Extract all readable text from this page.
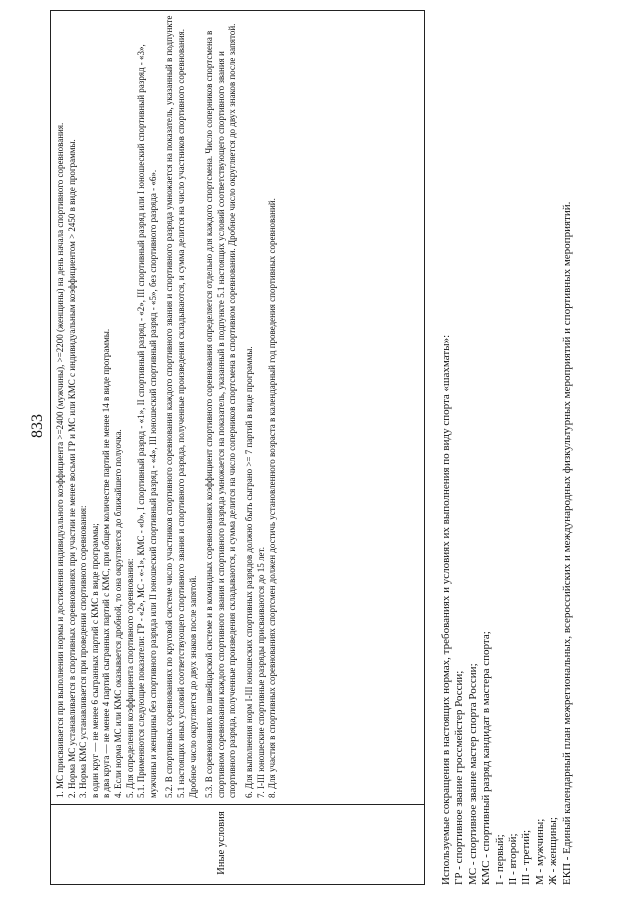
833
Иные условия
1. МС присваивается при выполнении нормы и достижения индивидуального коэффициента >=2400 (мужчины), >=2200 (женщины) на день начала спортивного соревнования. 2. Норма МС устанавливается в спортивных соревнованиях при участии не менее восьми ГР и МС или КМС с индивидуальным коэффициентом > 2450 в виде программы. 3. Норма КМС устанавливается при проведении спортивного соревнования: в один круг — не менее 6 сыгранных партий с КМС в виде программы; в два круга — не менее 4 партий сыгранных партий с КМС, при общем количестве партий не менее 14 в виде программы. 4. Если норма МС или КМС оказывается дробной, то она округляется до ближайшего полуочка. 5. Для определения коэффициента спортивного соревнования: 5.1. Применяются следующие показатели: ГР - «2», МС - «-1», КМС - «0», I спортивный разряд - «1», II спортивный разряд - «2», III спортивный разряд или I юношеский спортивный разряд - «3», мужчины и женщины без спортивного разряда или II юношеский спортивный разряд - «4», III юношеский спортивный разряд - «5», без спортивного разряда - «6». 5.2. В спортивных соревнованиях по круговой системе число участников спортивного соревнования каждого спортивного звания и спортивного разряда умножается на показатель, указанный в подпункте 5.1 настоящих иных условий соответствующего спортивного звания и спортивного разряда, полученные произведения складываются, и сумма делится на число участников спортивного соревнования. Дробное число округляется до двух знаков после запятой. 5.3. В соревнованиях по швейцарской системе и в командных соревнованиях коэффициент спортивного соревнования определяется отдельно для каждого спортсмена. Число соперников спортсмена в спортивном соревновании каждого спортивного звания и спортивного разряда умножается на показатель, указанный в подпункте 5.1 настоящих условий соответствующего спортивного звания и спортивного разряда, полученные произведения складываются, и сумма делится на число соперников спортсмена в спортивном соревновании. Дробное число округляется до двух знаков после запятой. 6. Для выполнения норм I-III юношеских спортивных разрядов должно быть сыграно >= 7 партий в виде программы. 7. I-III юношеские спортивные разряды присваиваются до 15 лет. 8. Для участия в спортивных соревнованиях спортсмен должен достичь установленного возраста в календарный год проведения спортивных соревнований.	Используемые сокращения в настоящих нормах, требованиях и условиях их выполнения по виду спорта «шахматы»: ГР - спортивное звание гроссмейстер России; МС - спортивное звание мастер спорта России; КМС - спортивный разряд кандидат в мастера спорта; I - первый; II - второй; III - третий; М - мужчины; Ж - женщины; ЕКП - Единый календарный план межрегиональных, всероссийских и международных физкультурных мероприятий и спортивных мероприятий.
